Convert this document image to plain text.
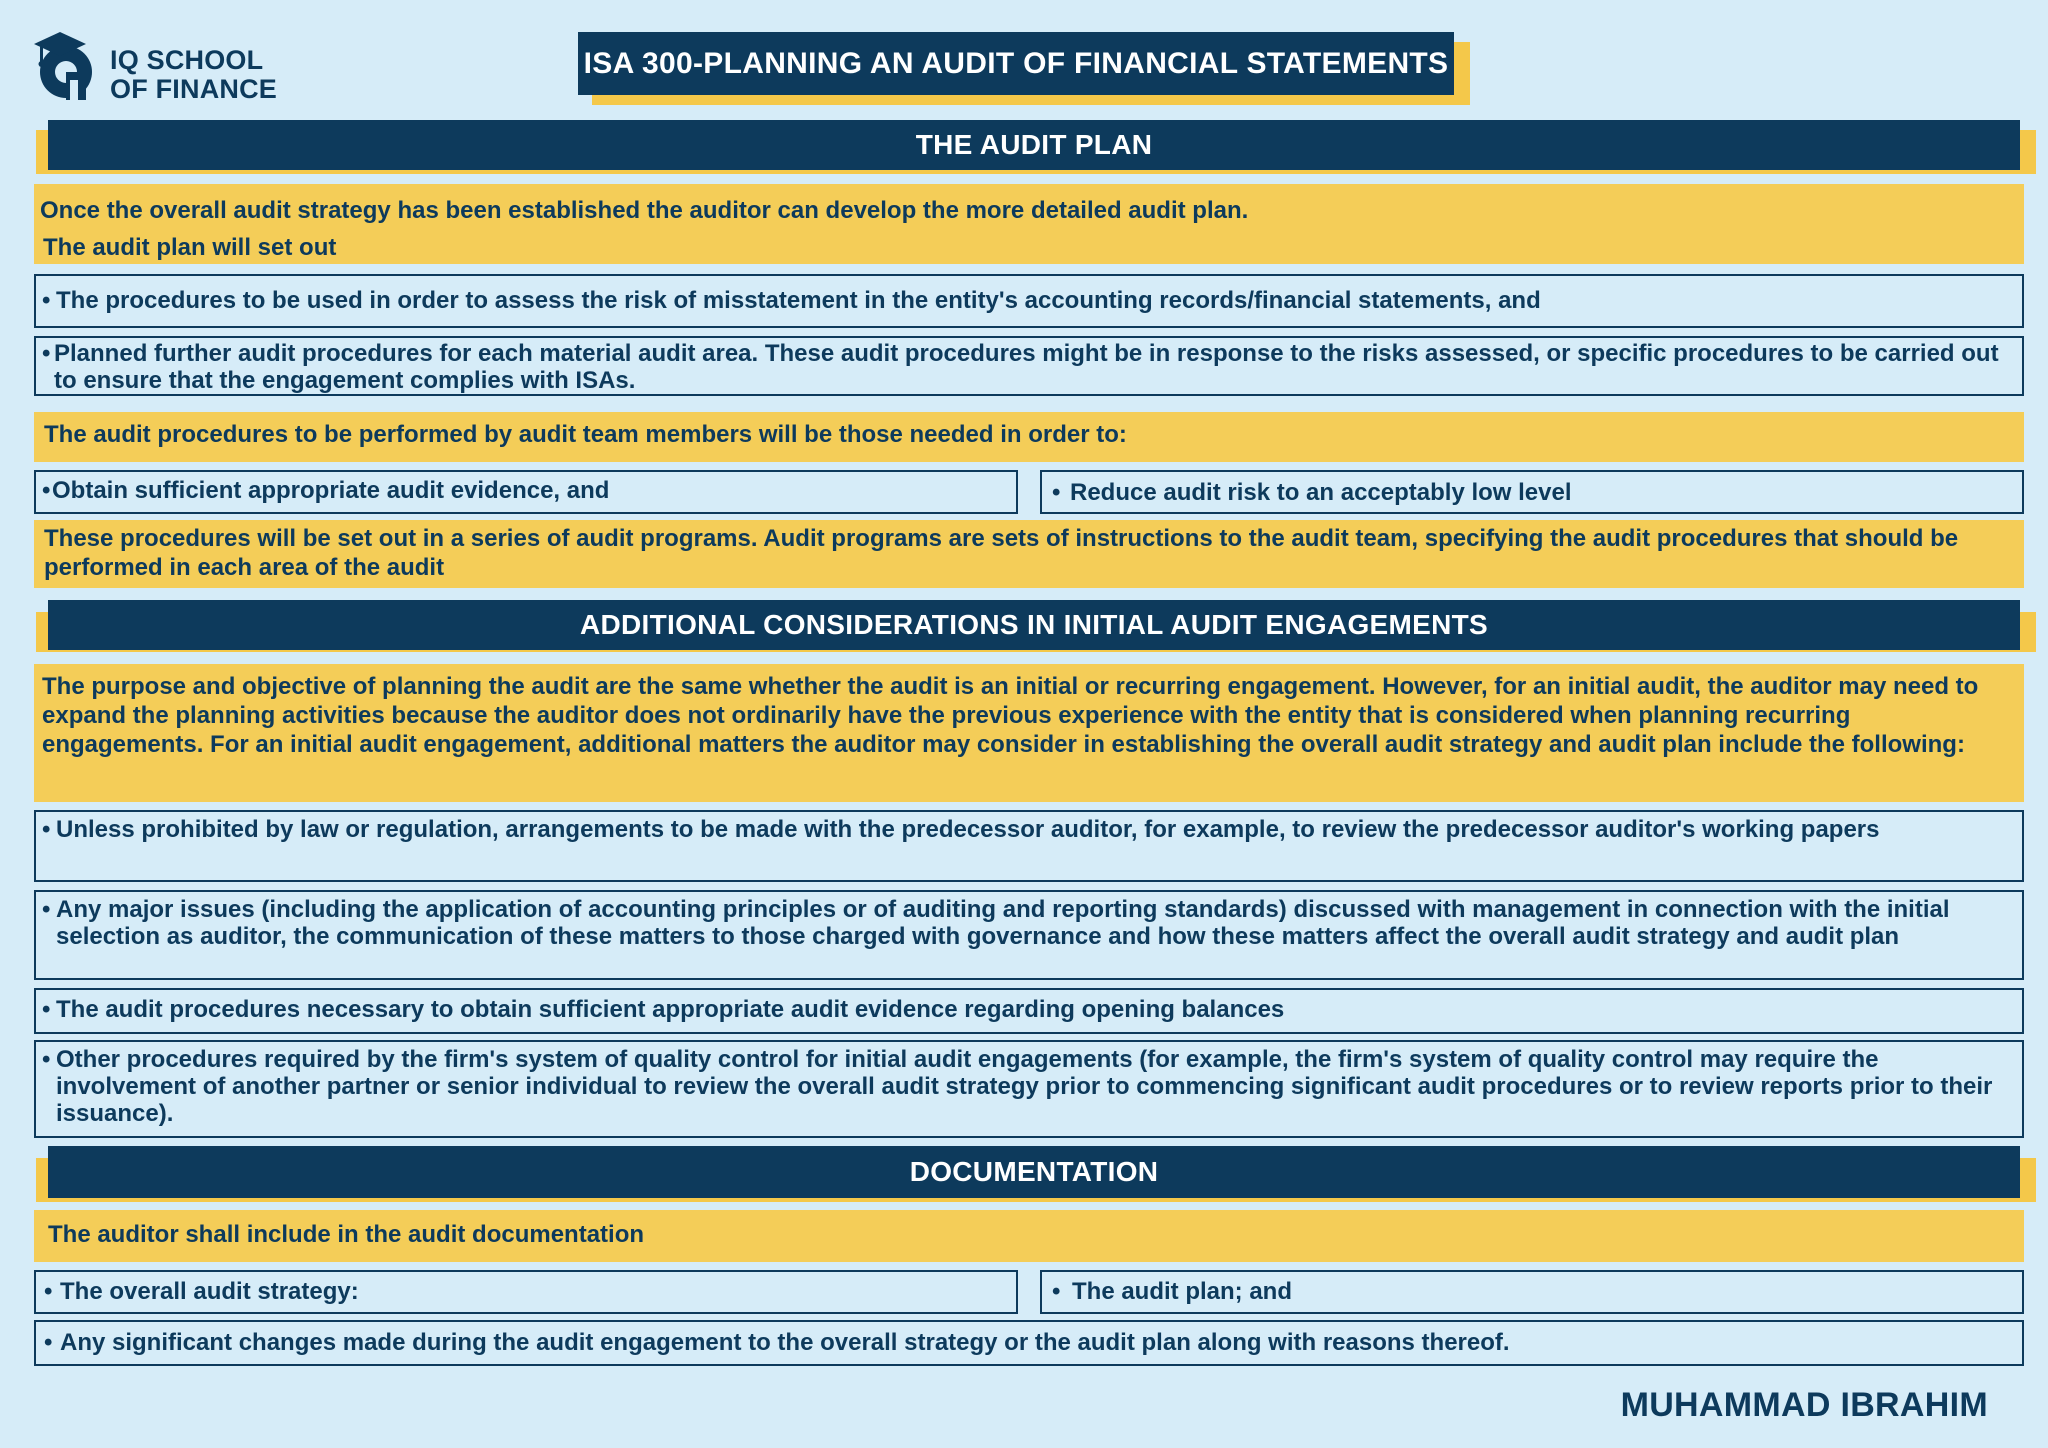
IQ SCHOOL
OF FINANCE
ISA 300-PLANNING AN AUDIT OF FINANCIAL STATEMENTS
THE AUDIT PLAN

Once the overall audit strategy has been established the auditor can develop the more detailed audit plan.

The audit plan will set out

• The procedures to be used in order to assess the risk of misstatement in the entity's accounting records/financial statements, and
• Planned further audit procedures for each material audit area. These audit procedures might be in response to the risks assessed, or specific procedures to be carried out to ensure that the engagement complies with ISAs.

The audit procedures to be performed by audit team members will be those needed in order to:

• Obtain sufficient appropriate audit evidence, and	• Reduce audit risk to an acceptably low level

These procedures will be set out in a series of audit programs. Audit programs are sets of instructions to the audit team, specifying the audit procedures that should be performed in each area of the audit

ADDITIONAL CONSIDERATIONS IN INITIAL AUDIT ENGAGEMENTS

The purpose and objective of planning the audit are the same whether the audit is an initial or recurring engagement. However, for an initial audit, the auditor may need to expand the planning activities because the auditor does not ordinarily have the previous experience with the entity that is considered when planning recurring engagements. For an initial audit engagement, additional matters the auditor may consider in establishing the overall audit strategy and audit plan include the following:

• Unless prohibited by law or regulation, arrangements to be made with the predecessor auditor, for example, to review the predecessor auditor's working papers
• Any major issues (including the application of accounting principles or of auditing and reporting standards) discussed with management in connection with the initial selection as auditor, the communication of these matters to those charged with governance and how these matters affect the overall audit strategy and audit plan
• The audit procedures necessary to obtain sufficient appropriate audit evidence regarding opening balances
• Other procedures required by the firm's system of quality control for initial audit engagements (for example, the firm's system of quality control may require the involvement of another partner or senior individual to review the overall audit strategy prior to commencing significant audit procedures or to review reports prior to their issuance).
DOCUMENTATION

The auditor shall include in the audit documentation

• The overall audit strategy:	• The audit plan; and
• Any significant changes made during the audit engagement to the overall strategy or the audit plan along with reasons thereof.
MUHAMMAD IBRAHIM
